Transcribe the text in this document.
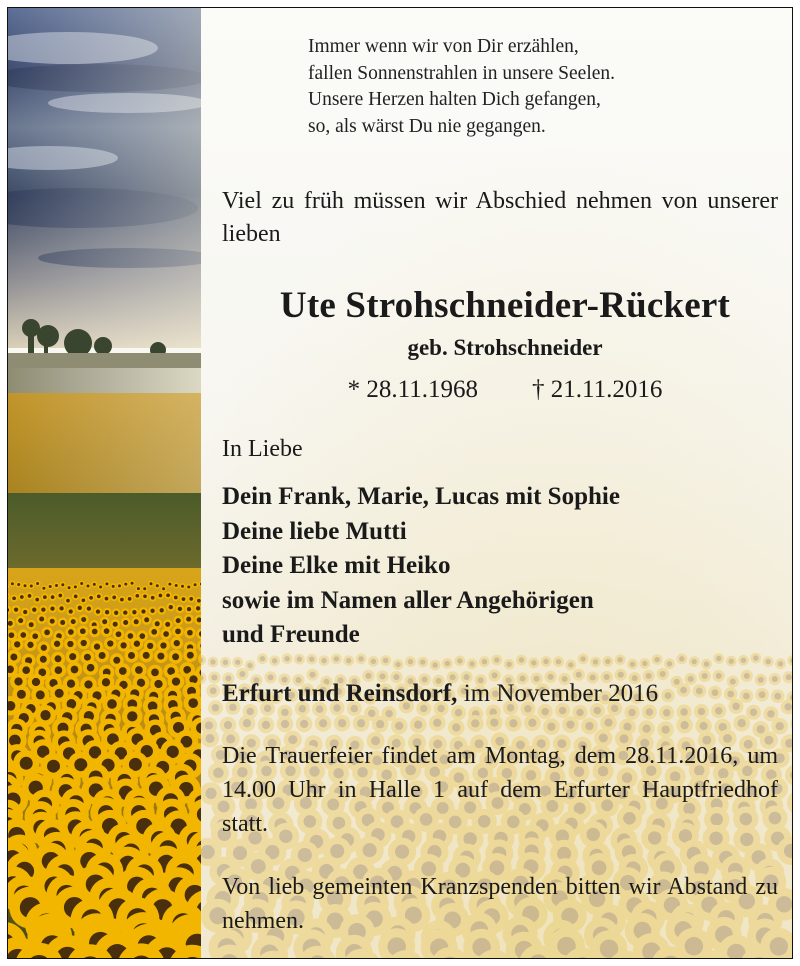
Immer wenn wir von Dir erzählen,
fallen Sonnenstrahlen in unsere Seelen.
Unsere Herzen halten Dich gefangen,
so, als wärst Du nie gegangen.
Viel zu früh müssen wir Abschied nehmen von unserer lieben
Ute Strohschneider-Rückert
geb. Strohschneider
* 28.11.1968 † 21.11.2016
In Liebe
Dein Frank, Marie, Lucas mit Sophie
Deine liebe Mutti
Deine Elke mit Heiko
sowie im Namen aller Angehörigen
und Freunde
Erfurt und Reinsdorf, im November 2016
Die Trauerfeier findet am Montag, dem 28.11.2016, um 14.00 Uhr in Halle 1 auf dem Erfurter Hauptfriedhof statt.
Von lieb gemeinten Kranzspenden bitten wir Abstand zu nehmen.
